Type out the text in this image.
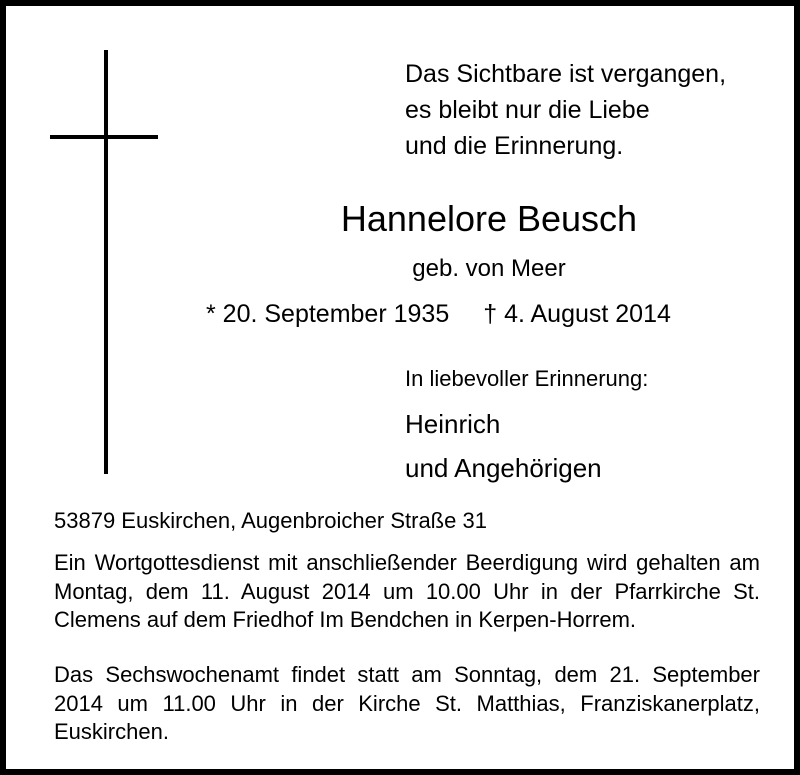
Das Sichtbare ist vergangen,
es bleibt nur die Liebe
und die Erinnerung.
Hannelore Beusch
geb. von Meer
* 20. September 1935 † 4. August 2014
In liebevoller Erinnerung:
Heinrich
und Angehörigen
53879 Euskirchen, Augenbroicher Straße 31

Ein Wortgottesdienst mit anschließender Beerdigung wird gehalten am Montag, dem 11. August 2014 um 10.00 Uhr in der Pfarrkirche St. Clemens auf dem Friedhof Im Bendchen in Kerpen-Horrem.

Das Sechswochenamt findet statt am Sonntag, dem 21. September 2014 um 11.00 Uhr in der Kirche St. Matthias, Franziskanerplatz, Euskirchen.
